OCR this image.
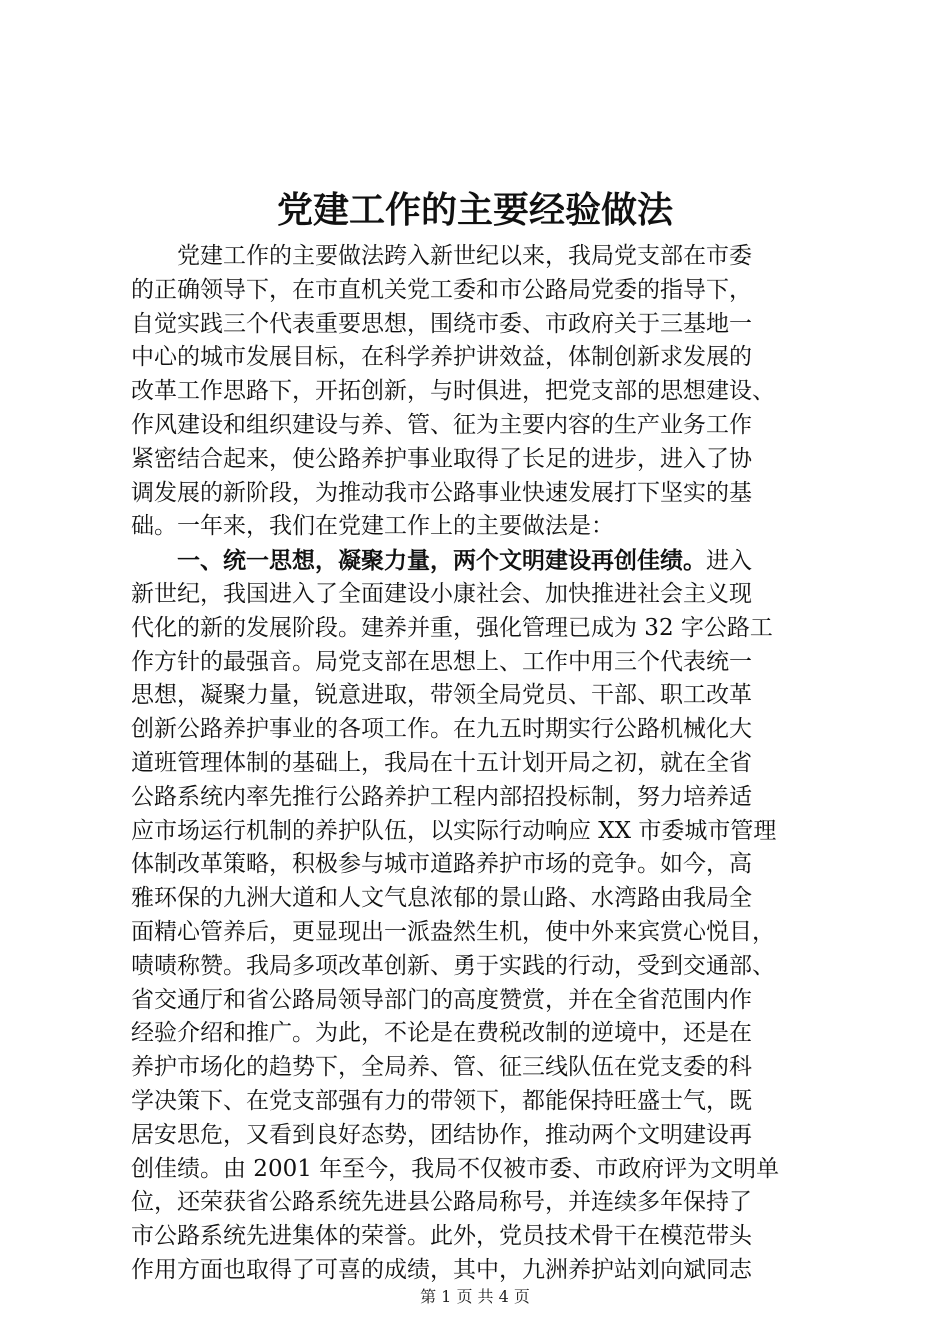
党建工作的主要经验做法
党建工作的主要做法跨入新世纪以来，我局党支部在市委
的正确领导下，在市直机关党工委和市公路局党委的指导下，
自觉实践三个代表重要思想，围绕市委、市政府关于三基地一
中心的城市发展目标，在科学养护讲效益，体制创新求发展的
改革工作思路下，开拓创新，与时俱进，把党支部的思想建设、
作风建设和组织建设与养、管、征为主要内容的生产业务工作
紧密结合起来，使公路养护事业取得了长足的进步，进入了协
调发展的新阶段，为推动我市公路事业快速发展打下坚实的基
础。一年来，我们在党建工作上的主要做法是：
一、统一思想，凝聚力量，两个文明建设再创佳绩。进入
新世纪，我国进入了全面建设小康社会、加快推进社会主义现
代化的新的发展阶段。建养并重，强化管理已成为 32 字公路工
作方针的最强音。局党支部在思想上、工作中用三个代表统一
思想，凝聚力量，锐意进取，带领全局党员、干部、职工改革
创新公路养护事业的各项工作。在九五时期实行公路机械化大
道班管理体制的基础上，我局在十五计划开局之初，就在全省
公路系统内率先推行公路养护工程内部招投标制，努力培养适
应市场运行机制的养护队伍，以实际行动响应 XX 市委城市管理
体制改革策略，积极参与城市道路养护市场的竞争。如今，高
雅环保的九洲大道和人文气息浓郁的景山路、水湾路由我局全
面精心管养后，更显现出一派盎然生机，使中外来宾赏心悦目，
啧啧称赞。我局多项改革创新、勇于实践的行动，受到交通部、
省交通厅和省公路局领导部门的高度赞赏，并在全省范围内作
经验介绍和推广。为此，不论是在费税改制的逆境中，还是在
养护市场化的趋势下，全局养、管、征三线队伍在党支委的科
学决策下、在党支部强有力的带领下，都能保持旺盛士气，既
居安思危，又看到良好态势，团结协作，推动两个文明建设再
创佳绩。由 2001 年至今，我局不仅被市委、市政府评为文明单
位，还荣获省公路系统先进县公路局称号，并连续多年保持了
市公路系统先进集体的荣誉。此外，党员技术骨干在模范带头
作用方面也取得了可喜的成绩，其中，九洲养护站刘向斌同志
第 1 页 共 4 页
